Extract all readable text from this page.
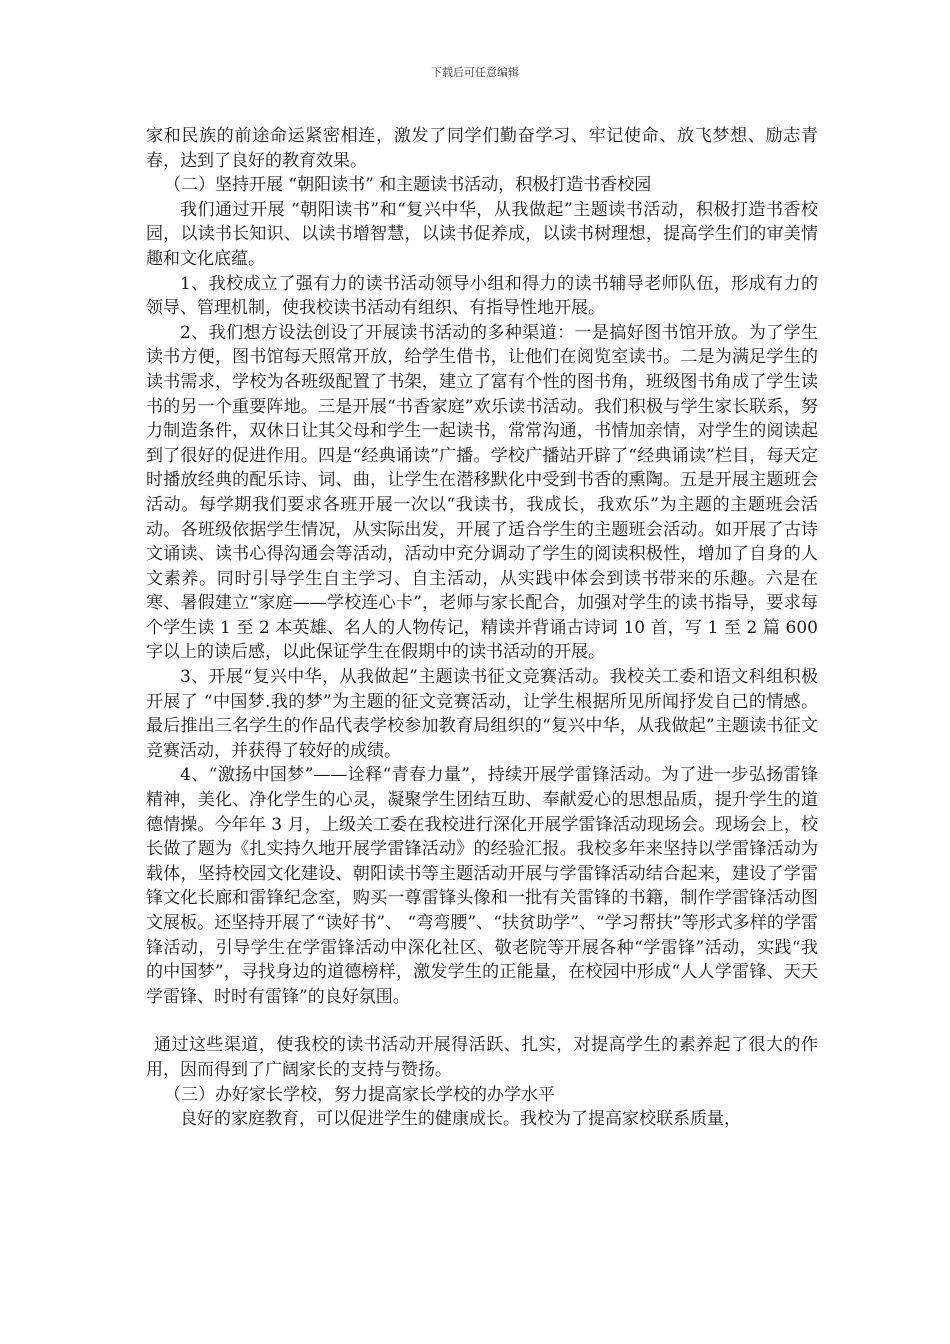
下载后可任意编辑

家和民族的前途命运紧密相连，激发了同学们勤奋学习、牢记使命、放飞梦想、励志青春，达到了良好的教育效果。

（二）坚持开展 “朝阳读书” 和主题读书活动，积极打造书香校园

我们通过开展 “朝阳读书”和“复兴中华，从我做起”主题读书活动，积极打造书香校园，以读书长知识、以读书增智慧，以读书促养成，以读书树理想，提高学生们的审美情趣和文化底蕴。

1、我校成立了强有力的读书活动领导小组和得力的读书辅导老师队伍，形成有力的领导、管理机制，使我校读书活动有组织、有指导性地开展。

2、我们想方设法创设了开展读书活动的多种渠道：一是搞好图书馆开放。为了学生读书方便，图书馆每天照常开放，给学生借书，让他们在阅览室读书。二是为满足学生的读书需求，学校为各班级配置了书架，建立了富有个性的图书角，班级图书角成了学生读书的另一个重要阵地。三是开展“书香家庭”欢乐读书活动。我们积极与学生家长联系，努力制造条件，双休日让其父母和学生一起读书，常常沟通，书情加亲情，对学生的阅读起到了很好的促进作用。四是“经典诵读”广播。学校广播站开辟了“经典诵读”栏目，每天定时播放经典的配乐诗、词、曲，让学生在潜移默化中受到书香的熏陶。五是开展主题班会活动。每学期我们要求各班开展一次以“我读书，我成长，我欢乐”为主题的主题班会活动。各班级依据学生情况，从实际出发，开展了适合学生的主题班会活动。如开展了古诗文诵读、读书心得沟通会等活动，活动中充分调动了学生的阅读积极性，增加了自身的人文素养。同时引导学生自主学习、自主活动，从实践中体会到读书带来的乐趣。六是在寒、暑假建立“家庭——学校连心卡”，老师与家长配合，加强对学生的读书指导，要求每个学生读 1 至 2 本英雄、名人的人物传记，精读并背诵古诗词 10 首，写 1 至 2 篇 600 字以上的读后感，以此保证学生在假期中的读书活动的开展。

3、开展“复兴中华，从我做起”主题读书征文竞赛活动。我校关工委和语文科组积极开展了 “中国梦.我的梦”为主题的征文竞赛活动，让学生根据所见所闻抒发自己的情感。最后推出三名学生的作品代表学校参加教育局组织的“复兴中华，从我做起”主题读书征文竞赛活动，并获得了较好的成绩。

4、“激扬中国梦”——诠释“青春力量”，持续开展学雷锋活动。为了进一步弘扬雷锋精神，美化、净化学生的心灵，凝聚学生团结互助、奉献爱心的思想品质，提升学生的道德情操。今年年 3 月，上级关工委在我校进行深化开展学雷锋活动现场会。现场会上，校长做了题为《扎实持久地开展学雷锋活动》的经验汇报。我校多年来坚持以学雷锋活动为载体，坚持校园文化建设、朝阳读书等主题活动开展与学雷锋活动结合起来，建设了学雷锋文化长廊和雷锋纪念室，购买一尊雷锋头像和一批有关雷锋的书籍，制作学雷锋活动图文展板。还坚持开展了“读好书”、 “弯弯腰”、“扶贫助学”、“学习帮扶”等形式多样的学雷锋活动，引导学生在学雷锋活动中深化社区、敬老院等开展各种“学雷锋”活动，实践“我的中国梦”，寻找身边的道德榜样，激发学生的正能量，在校园中形成“人人学雷锋、天天学雷锋、时时有雷锋”的良好氛围。

通过这些渠道，使我校的读书活动开展得活跃、扎实，对提高学生的素养起了很大的作用，因而得到了广阔家长的支持与赞扬。

（三）办好家长学校，努力提高家长学校的办学水平

良好的家庭教育，可以促进学生的健康成长。我校为了提高家校联系质量，
